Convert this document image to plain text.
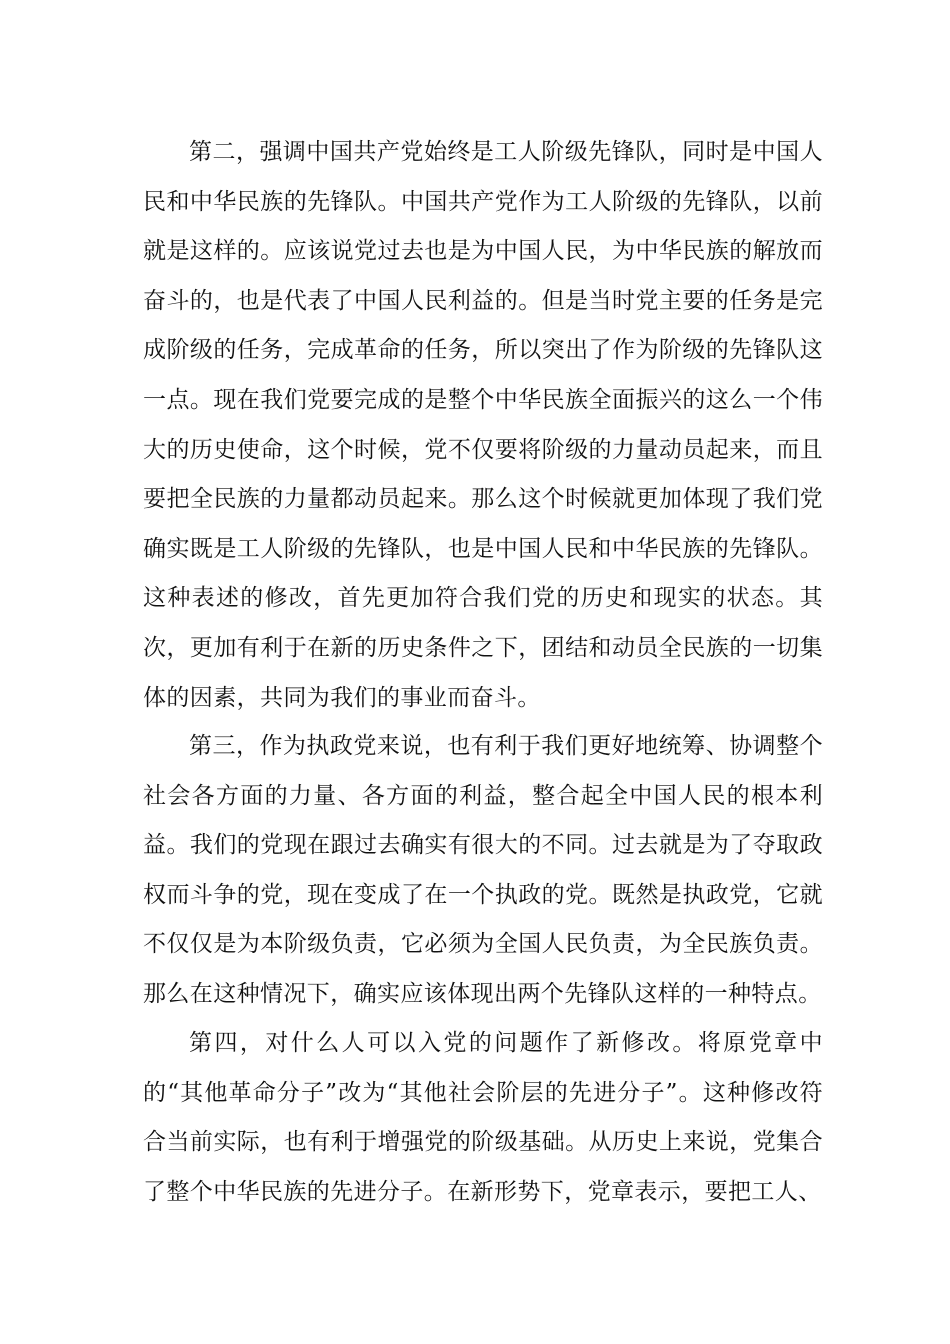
第二，强调中国共产党始终是工人阶级先锋队，同时是中国人民和中华民族的先锋队。中国共产党作为工人阶级的先锋队，以前就是这样的。应该说党过去也是为中国人民，为中华民族的解放而奋斗的，也是代表了中国人民利益的。但是当时党主要的任务是完成阶级的任务，完成革命的任务，所以突出了作为阶级的先锋队这一点。现在我们党要完成的是整个中华民族全面振兴的这么一个伟大的历史使命，这个时候，党不仅要将阶级的力量动员起来，而且要把全民族的力量都动员起来。那么这个时候就更加体现了我们党确实既是工人阶级的先锋队，也是中国人民和中华民族的先锋队。这种表述的修改，首先更加符合我们党的历史和现实的状态。其次，更加有利于在新的历史条件之下，团结和动员全民族的一切集体的因素，共同为我们的事业而奋斗。

第三，作为执政党来说，也有利于我们更好地统筹、协调整个社会各方面的力量、各方面的利益，整合起全中国人民的根本利益。我们的党现在跟过去确实有很大的不同。过去就是为了夺取政权而斗争的党，现在变成了在一个执政的党。既然是执政党，它就不仅仅是为本阶级负责，它必须为全国人民负责，为全民族负责。那么在这种情况下，确实应该体现出两个先锋队这样的一种特点。

第四，对什么人可以入党的问题作了新修改。将原党章中的“其他革命分子”改为“其他社会阶层的先进分子”。这种修改符合当前实际，也有利于增强党的阶级基础。从历史上来说，党集合了整个中华民族的先进分子。在新形势下，党章表示，要把工人、
